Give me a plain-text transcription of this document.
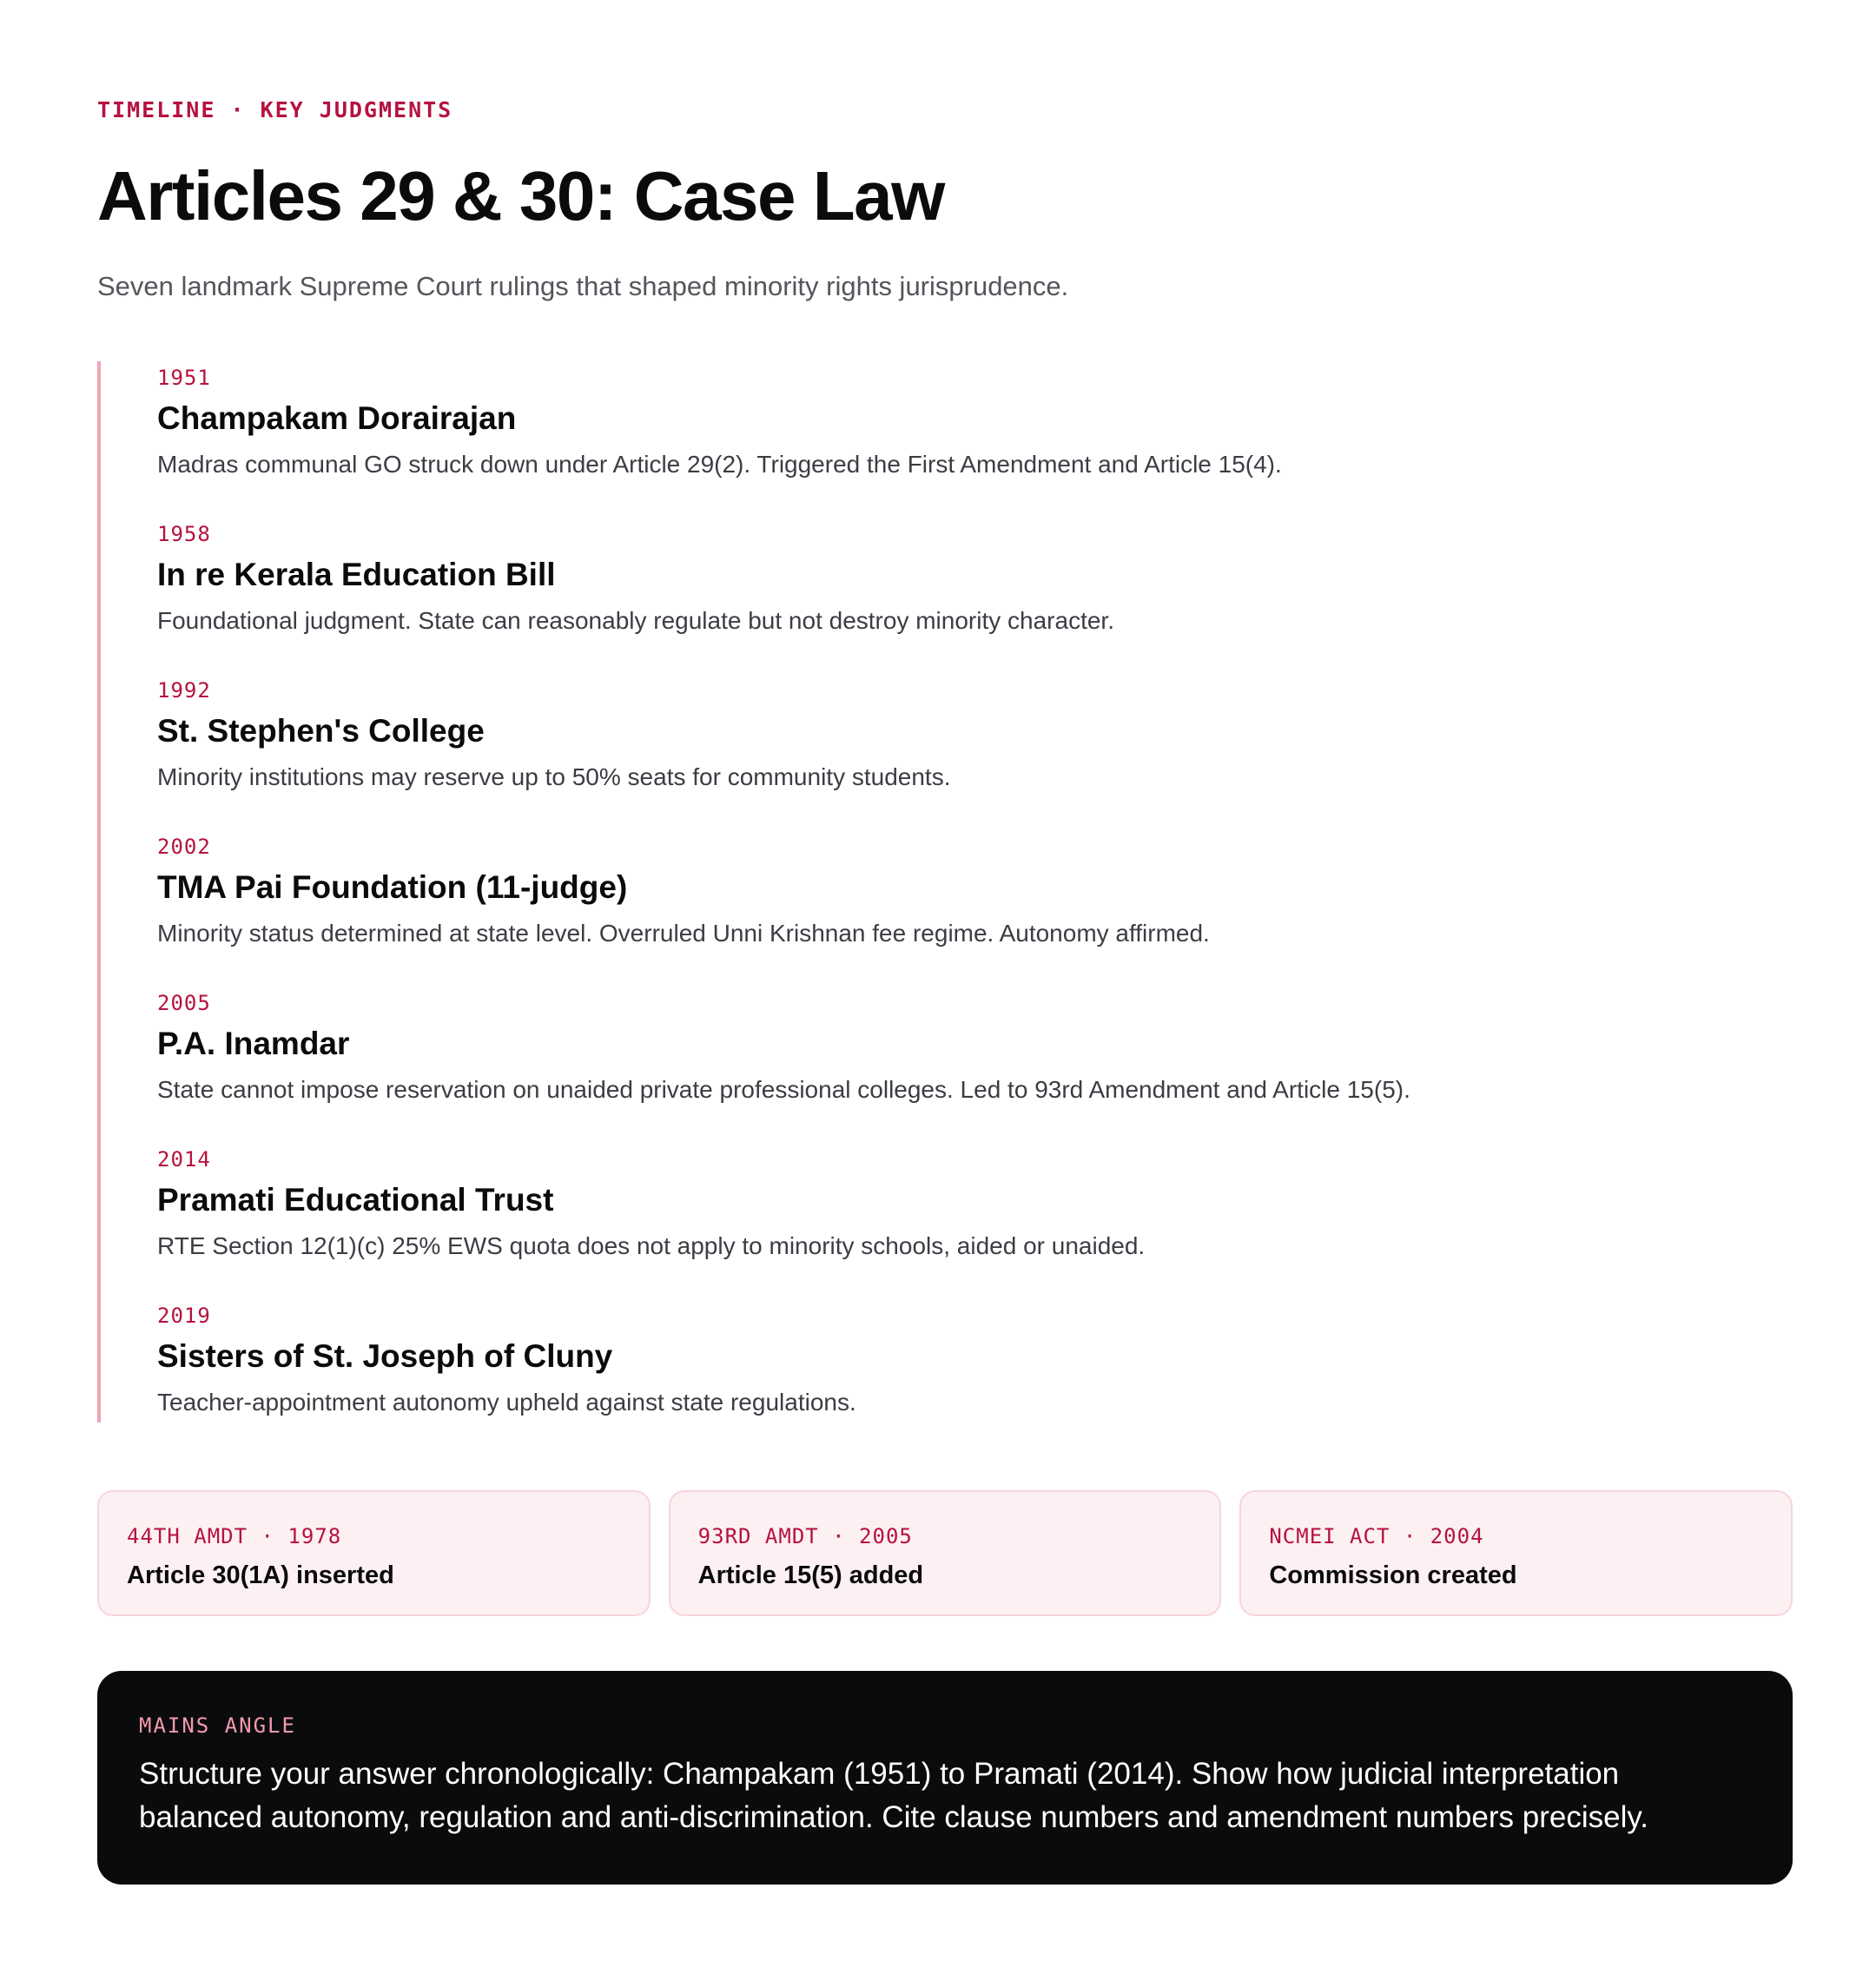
TIMELINE · KEY JUDGMENTS

Articles 29 & 30: Case Law

Seven landmark Supreme Court rulings that shaped minority rights jurisprudence.

1951
Champakam Dorairajan
Madras communal GO struck down under Article 29(2). Triggered the First Amendment and Article 15(4).
1958
In re Kerala Education Bill
Foundational judgment. State can reasonably regulate but not destroy minority character.
1992
St. Stephen's College
Minority institutions may reserve up to 50% seats for community students.
2002
TMA Pai Foundation (11-judge)
Minority status determined at state level. Overruled Unni Krishnan fee regime. Autonomy affirmed.
2005
P.A. Inamdar
State cannot impose reservation on unaided private professional colleges. Led to 93rd Amendment and Article 15(5).
2014
Pramati Educational Trust
RTE Section 12(1)(c) 25% EWS quota does not apply to minority schools, aided or unaided.
2019
Sisters of St. Joseph of Cluny
Teacher-appointment autonomy upheld against state regulations.
44TH AMDT · 1978
Article 30(1A) inserted
93RD AMDT · 2005
Article 15(5) added
NCMEI ACT · 2004
Commission created
MAINS ANGLE
Structure your answer chronologically: Champakam (1951) to Pramati (2014). Show how judicial interpretation balanced autonomy, regulation and anti-discrimination. Cite clause numbers and amendment numbers precisely.
